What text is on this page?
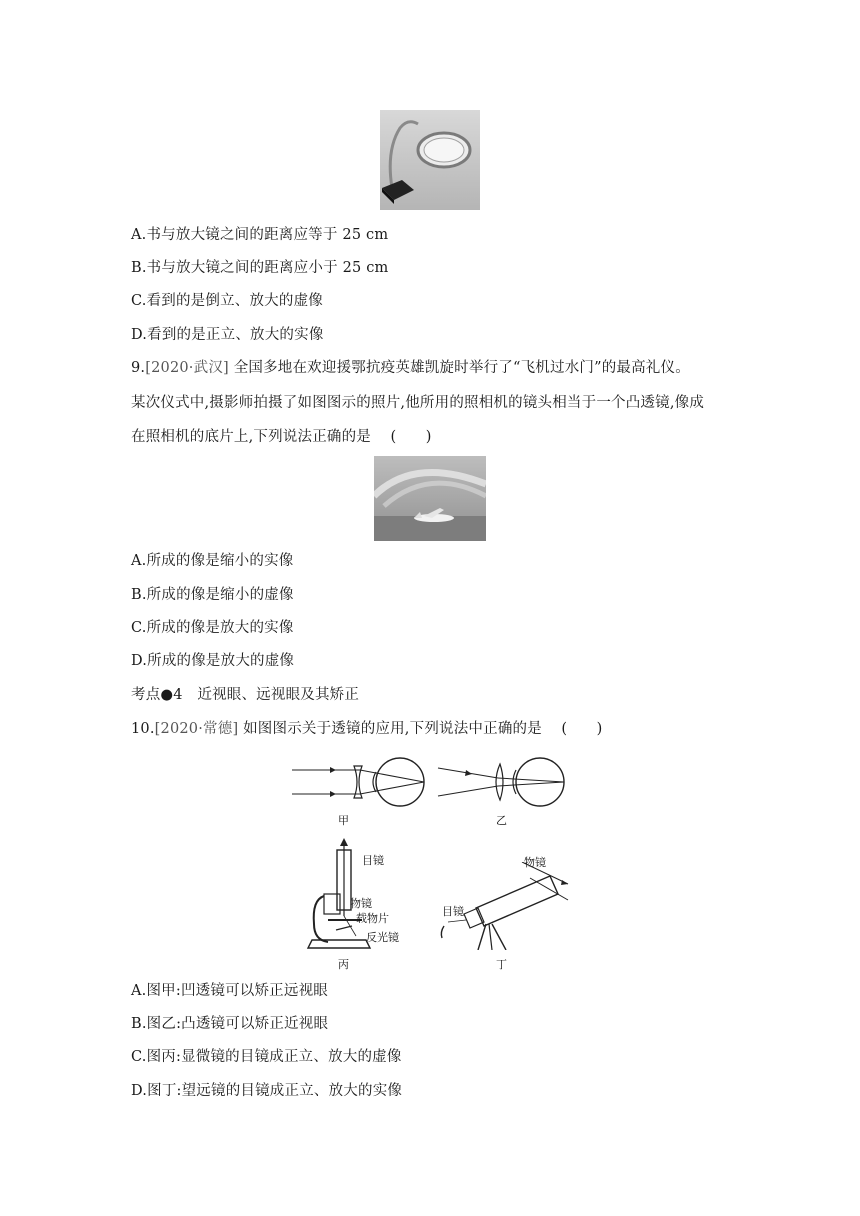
A.书与放大镜之间的距离应等于 25 cm
B.书与放大镜之间的距离应小于 25 cm
C.看到的是倒立、放大的虚像
D.看到的是正立、放大的实像
9.[2020·武汉] 全国多地在欢迎援鄂抗疫英雄凯旋时举行了“飞机过水门”的最高礼仪。
某次仪式中,摄影师拍摄了如图图示的照片,他所用的照相机的镜头相当于一个凸透镜,像成
在照相机的底片上,下列说法正确的是　 (　　)
A.所成的像是缩小的实像
B.所成的像是缩小的虚像
C.所成的像是放大的实像
D.所成的像是放大的虚像
考点●4　近视眼、远视眼及其矫正
10.[2020·常德] 如图图示关于透镜的应用,下列说法中正确的是　 (　　)
甲	乙
目镜
物镜
载物片
反光镜
丙
物镜
目镜
丁
A.图甲:凹透镜可以矫正远视眼
B.图乙:凸透镜可以矫正近视眼
C.图丙:显微镜的目镜成正立、放大的虚像
D.图丁:望远镜的目镜成正立、放大的实像
